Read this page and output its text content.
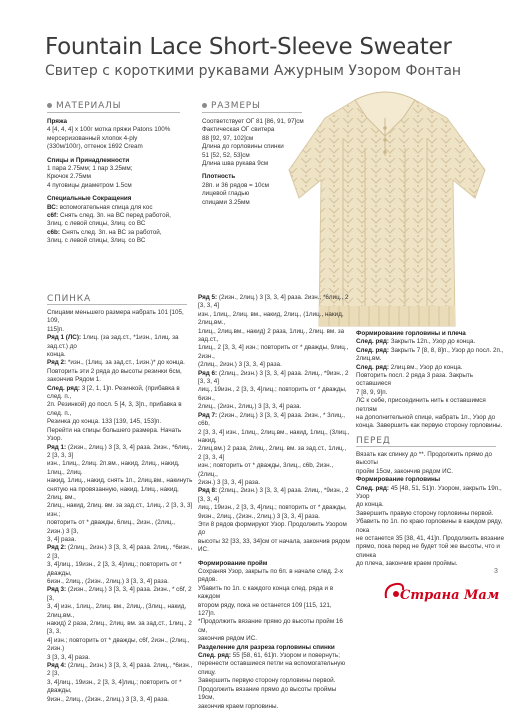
Fountain Lace Short-Sleeve Sweater
Свитер с короткими рукавами Ажурным Узором Фонтан
МАТЕРИАЛЫ

Пряжа

4 [4, 4, 4] х 100г мотка пряжи Patons 100%

мерсеризованный хлопок 4-ply

(330м/100г), оттенок 1692 Cream

Спицы и Принадлежности

1 пара 2.75мм; 1 пар 3.25мм;

Крючок 2.75мм

4 пуговицы диаметром 1.5см

Специальные Сокращения

ВС: вспомогательная спица для кос

c6f: Снять след. 3п. на ВС перед работой,

3лиц. с левой спицы, 3лиц. со ВС

c6b: Снять след. 3п. на ВС за работой,

3лиц. с левой спицы, 3лиц. со ВС

РАЗМЕРЫ

Соответствует ОГ 81 [86, 91, 97]см

Фактическая ОГ свитера

88 [92, 97, 102]см

Длина до горловины спинки

51 [52, 52, 53]см

Длина шва рукава 9см

Плотность

28п. и 36 рядов = 10см

лицевой гладью

спицами 3.25мм

СПИНКА

Спицами меньшего размера набрать 101 [105, 109,

115]п.

Ряд 1 (ЛС): 1лиц. (за зад.ст., *1изн., 1лиц. за зад.ст.) до

конца.

Ряд 2: *изн., (1лиц. за зад.ст., 1изн.)* до конца.

Повторить эти 2 ряда до высоты резинки 6см,

закончив Рядом 1.

След. ряд: 3 [2, 1, 1]п. Резинкой, (прибавка в след. п.,

2п. Резинкой) до посл. 5 [4, 3, 3]п., прибавка в след. п.,

Резинка до конца. 133 [139, 145, 153]п.

Перейти на спицы большего размера. Начать Узор.

Ряд 1: (2изн., 2лиц.) 3 [3, 3, 4] раза. 2изн., *6лиц., 2 [3, 3, 3]

изн., 1лиц., 2лиц. 2п.вм., накид, 2лиц., накид, 1лиц., 2лиц.

накид, 1лиц., накид, снять 1п., 2лиц.вм., накинуть

снятую на провязанную, накид, 1лиц., накид, 2лиц. вм.,

2лиц., накид, 2лиц. вм. за зад.ст., 1лиц., 2 [3, 3, 3] изн.;

повторить от * дважды, 6лиц., 2изн., (2лиц., 2изн.) 3 [3,

3, 4] раза.

Ряд 2: (2лиц., 2изн.) 3 [3, 3, 4] раза. 2лиц., *6изн., 2 [3,

3, 4]лиц., 19изн., 2 [3, 3, 4]лиц.; повторить от * дважды,

6изн., 2лиц., (2изн., 2лиц.) 3 [3, 3, 4] раза.

Ряд 3: (2изн., 2лиц.) 3 [3, 3, 4] раза. 2изн., * c6f, 2 [3,

3, 4] изн., 1лиц., 2лиц. вм., 2лиц., (3лиц., накид, 2лиц.вм.,

накид) 2 раза, 2лиц., 2лиц. вм. за зад.ст., 1лиц., 2 [3, 3,

4] изн.; повторить от * дважды, c6f, 2изн., (2лиц., 2изн.)

3 [3, 3, 4] раза.

Ряд 4: (2лиц., 2изн.) 3 [3, 3, 4] раза. 2лиц., *6изн., 2 [3,

3, 4]лиц., 19изн., 2 [3, 3, 4]лиц.; повторить от * дважды,

9изн., 2лиц., (2изн., 2лиц.) 3 [3, 3, 4] раза.

Ряд 5: (2изн., 2лиц.) 3 [3, 3, 4] раза. 2изн., *6лиц., 2 [3, 3, 4]

изн., 1лиц., 2лиц. вм., накид, 2лиц., (1лиц., накид, 2лиц.вм.,

1лиц., 2лиц.вм., накид) 2 раза, 1лиц., 2лиц. вм. за зад.ст.,

1лиц., 2 [3, 3, 4] изн.; повторить от * дважды, 9лиц., 2изн.,

(2лиц., 2изн.) 3 [3, 3, 4] раза.

Ряд 6: (2лиц., 2изн.) 3 [3, 3, 4] раза. 2лиц., *9изн., 2 [3, 3, 4]

лиц., 19изн., 2 [3, 3, 4]лиц.; повторить от * дважды, 6изн.,

2лиц., (2изн., 2лиц.) 3 [3, 3, 4] раза.

Ряд 7: (2изн., 2лиц.) 3 [3, 3, 4] раза. 2изн., * 3лиц., c6b,

2 [3, 3, 4] изн., 1лиц., 2лиц.вм., накид, 1лиц., (3лиц., накид,

2лиц.вм.) 2 раза, 2лиц., 2лиц. вм. за зад.ст., 1лиц., 2 [3, 3, 4]

изн.; повторить от * дважды, 3лиц., c6b, 2изн., (2лиц.,

2изн.) 3 [3, 3, 4] раза.

Ряд 8: (2лиц., 2изн.) 3 [3, 3, 4] раза. 2лиц., *9изн., 2 [3, 3, 4]

лиц., 19изн., 2 [3, 3, 4]лиц.; повторить от * дважды,

9изн., 2лиц., (2изн., 2лиц.) 3 [3, 3, 4] раза.

Эти 8 рядов формируют Узор. Продолжить Узором до

высоты 32 [33, 33, 34]см от начала, закончив рядом ИС.

Формирование пройм

Сохраняя Узор, закрыть по 6п. в начале след. 2-х рядов.

Убавить по 1п. с каждого конца след. ряда и в каждом

втором ряду, пока не останется 109 [115, 121, 127]п.

*Продолжить вязание прямо до высоты пройм 16 см,

закончив рядом ИС.

Разделение для разреза горловины спинки

След. ряд: 55 [58, 61, 61]п. Узором и повернуть;

перенести оставшиеся петли на вспомогательную спицу.

Завершить первую сторону горловины первой.

Продолжить вязание прямо до высоты проймы 19см,

закончив краем горловины.

Формирование горловины и плеча

След. ряд: Закрыть 12п., Узор до конца.

След. ряд: Закрыть 7 [8, 8, 8]п., Узор до посл. 2п.,

2лиц.вм.

След. ряд: 2лиц.вм., Узор до конца.

Повторить посл. 2 ряда 3 раза. Закрыть оставшиеся

7 [8, 9, 9]п.

ЛС к себе, присоединить нить к оставшимся петлям

на дополнительной спице, набрать 1п., Узор до

конца. Завершить как первую сторону горловины.

ПЕРЕД

Вязать как спинку до **. Продолжить прямо до высоты

пройм 15см, закончив рядом ИС.

Формирование горловины

След. ряд: 45 [48, 51, 51]п. Узором, закрыть 19п., Узор

до конца.

Завершить правую сторону горловины первой.

Убавить по 1п. по краю горловины в каждом ряду, пока

не останется 35 [38, 41, 41]п. Продолжить вязание

прямо, пока перед не будет той же высоты, что и спинка

до плеча, закончив краем проймы.

3
Страна Мам
